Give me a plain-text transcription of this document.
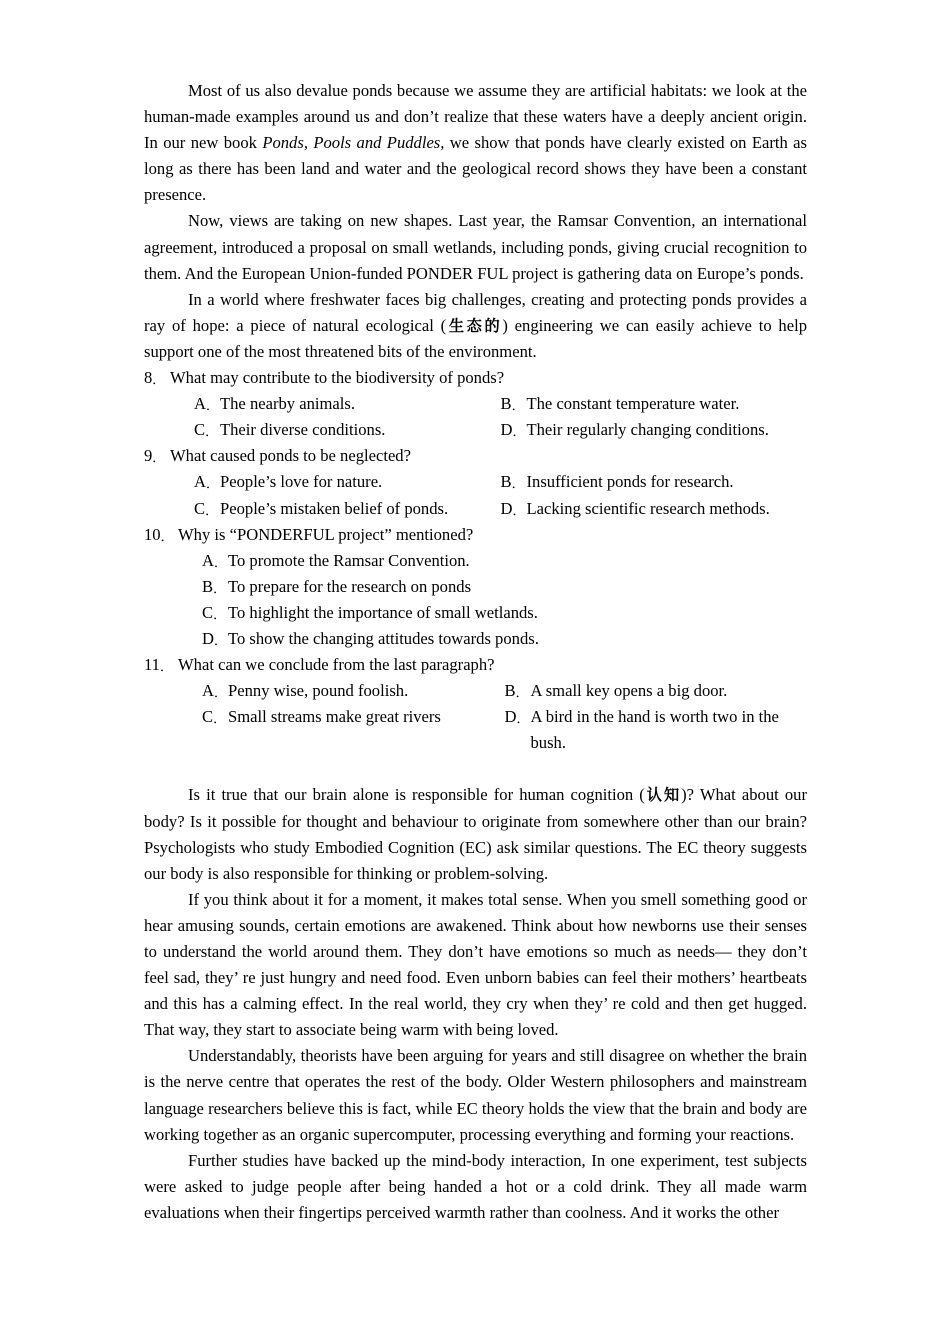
Most of us also devalue ponds because we assume they are artificial habitats: we look at the human-made examples around us and don’t realize that these waters have a deeply ancient origin. In our new book Ponds, Pools and Puddles, we show that ponds have clearly existed on Earth as long as there has been land and water and the geological record shows they have been a constant presence.

Now, views are taking on new shapes. Last year, the Ramsar Convention, an international agreement, introduced a proposal on small wetlands, including ponds, giving crucial recognition to them. And the European Union-funded PONDER FUL project is gathering data on Europe’s ponds.

In a world where freshwater faces big challenges, creating and protecting ponds provides a ray of hope: a piece of natural ecological (生态的) engineering we can easily achieve to help support one of the most threatened bits of the environment.

8． What may contribute to the biodiversity of ponds?
A． The nearby animals.	B． The constant temperature water.
C． Their diverse conditions.	D． Their regularly changing conditions.
9． What caused ponds to be neglected?
A． People’s love for nature.	B． Insufficient ponds for research.
C． People’s mistaken belief of ponds.	D． Lacking scientific research methods.
10． Why is “PONDERFUL project” mentioned?
A． To promote the Ramsar Convention.
B． To prepare for the research on ponds
C． To highlight the importance of small wetlands.
D． To show the changing attitudes towards ponds.
11． What can we conclude from the last paragraph?
A． Penny wise, pound foolish.	B． A small key opens a big door.
C． Small streams make great rivers	D． A bird in the hand is worth two in the bush.

Is it true that our brain alone is responsible for human cognition (认知)? What about our body? Is it possible for thought and behaviour to originate from somewhere other than our brain? Psychologists who study Embodied Cognition (EC) ask similar questions. The EC theory suggests our body is also responsible for thinking or problem-solving.

If you think about it for a moment, it makes total sense. When you smell something good or hear amusing sounds, certain emotions are awakened. Think about how newborns use their senses to understand the world around them. They don’t have emotions so much as needs— they don’t feel sad, they’ re just hungry and need food. Even unborn babies can feel their mothers’ heartbeats and this has a calming effect. In the real world, they cry when they’ re cold and then get hugged. That way, they start to associate being warm with being loved.

Understandably, theorists have been arguing for years and still disagree on whether the brain is the nerve centre that operates the rest of the body. Older Western philosophers and mainstream language researchers believe this is fact, while EC theory holds the view that the brain and body are working together as an organic supercomputer, processing everything and forming your reactions.

Further studies have backed up the mind-body interaction, In one experiment, test subjects were asked to judge people after being handed a hot or a cold drink. They all made warm evaluations when their fingertips perceived warmth rather than coolness. And it works the other
